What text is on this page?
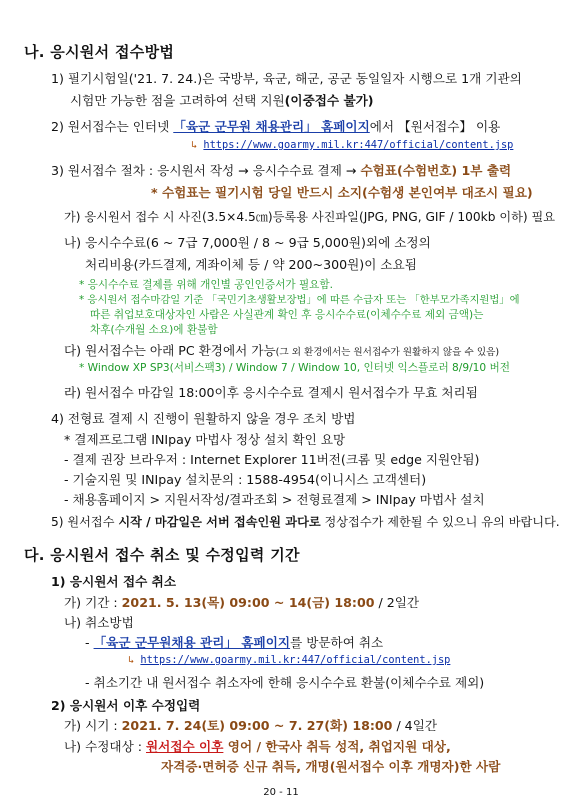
나. 응시원서 접수방법
1) 필기시험일('21. 7. 24.)은 국방부, 육군, 해군, 공군 동일일자 시행으로 1개 기관의
시험만 가능한 점을 고려하여 선택 지원(이중접수 불가)
2) 원서접수는 인터넷 「육군 군무원 채용관리」 홈페이지에서 【원서접수】 이용
↳ https://www.goarmy.mil.kr:447/official/content.jsp
3) 원서접수 절차 : 응시원서 작성 → 응시수수료 결제 → 수험표(수험번호) 1부 출력
* 수험표는 필기시험 당일 반드시 소지(수험생 본인여부 대조시 필요)
가) 응시원서 접수 시 사진(3.5×4.5㎝)등록용 사진파일(JPG, PNG, GIF / 100kb 이하) 필요
나) 응시수수료(6 ~ 7급 7,000원 / 8 ~ 9급 5,000원)외에 소정의
처리비용(카드결제, 계좌이체 등 / 약 200~300원)이 소요됨
* 응시수수료 결제를 위해 개인별 공인인증서가 필요함.
* 응시원서 접수마감일 기준 「국민기초생활보장법」에 따른 수급자 또는 「한부모가족지원법」에
따른 취업보호대상자인 사람은 사실관계 확인 후 응시수수료(이체수수료 제외 금액)는
차후(수개월 소요)에 환불함
다) 원서접수는 아래 PC 환경에서 가능(그 외 환경에서는 원서접수가 원활하지 않을 수 있음)
* Window XP SP3(서비스팩3) / Window 7 / Window 10, 인터넷 익스플로러 8/9/10 버전
라) 원서접수 마감일 18:00이후 응시수수료 결제시 원서접수가 무효 처리됨
4) 전형료 결제 시 진행이 원활하지 않을 경우 조치 방법
* 결제프로그램 INIpay 마법사 정상 설치 확인 요망
- 결제 권장 브라우저 : Internet Explorer 11버전(크롬 및 edge 지원안됨)
- 기술지원 및 INIpay 설치문의 : 1588-4954(이니시스 고객센터)
- 채용홈페이지 > 지원서작성/결과조회 > 전형료결제 > INIpay 마법사 설치
5) 원서접수 시작 / 마감일은 서버 접속인원 과다로 정상접수가 제한될 수 있으니 유의 바랍니다.
다. 응시원서 접수 취소 및 수정입력 기간
1) 응시원서 접수 취소
가) 기간 : 2021. 5. 13(목) 09:00 ~ 14(금) 18:00 / 2일간
나) 취소방법
- 「육군 군무원채용 관리」 홈페이지를 방문하여 취소
↳ https://www.goarmy.mil.kr:447/official/content.jsp
- 취소기간 내 원서접수 취소자에 한해 응시수수료 환불(이체수수료 제외)
2) 응시원서 이후 수정입력
가) 시기 : 2021. 7. 24(토) 09:00 ~ 7. 27(화) 18:00 / 4일간
나) 수정대상 : 원서접수 이후 영어 / 한국사 취득 성적, 취업지원 대상,
자격증·면허증 신규 취득, 개명(원서접수 이후 개명자)한 사람
20 - 11
